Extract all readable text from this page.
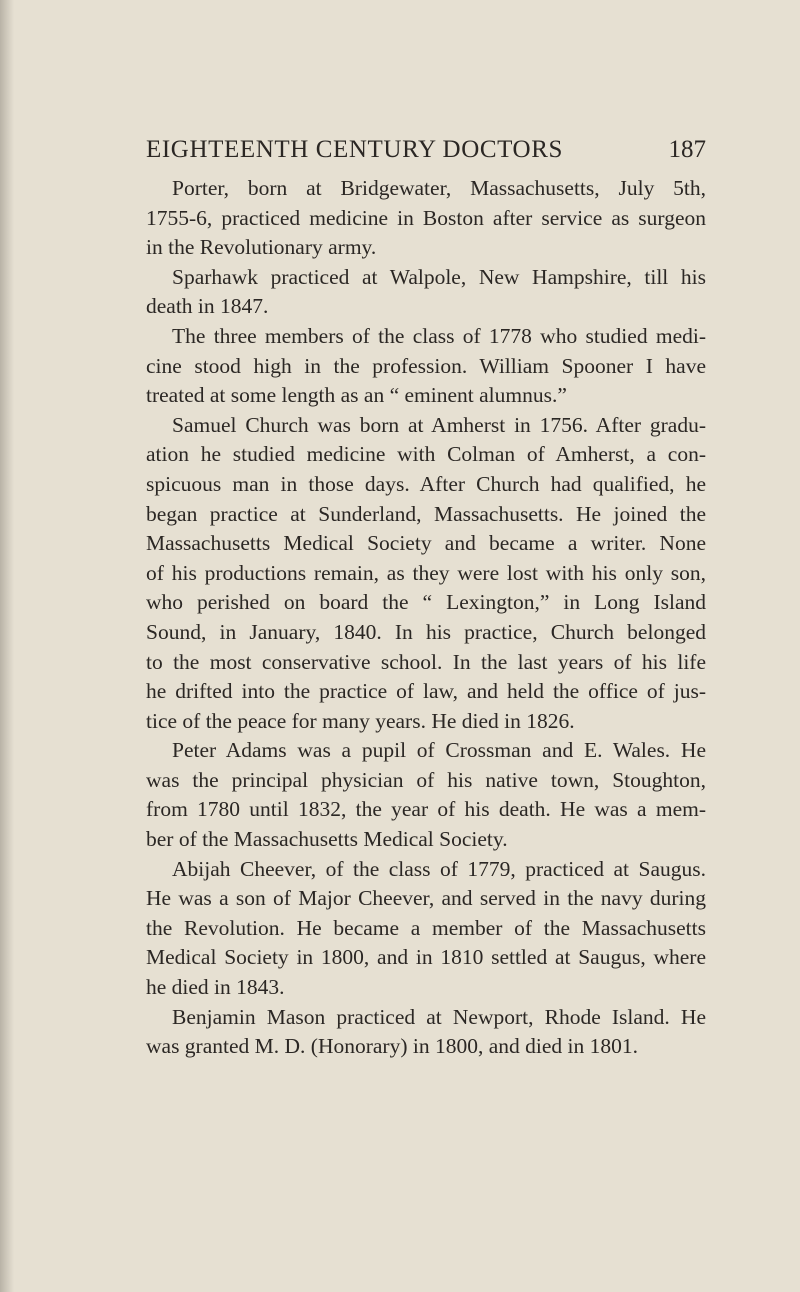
EIGHTEENTH CENTURY DOCTORS	187
Porter, born at Bridgewater, Massachusetts, July 5th,
1755-6, practiced medicine in Boston after service as surgeon
in the Revolutionary army.
Sparhawk practiced at Walpole, New Hampshire, till his
death in 1847.
The three members of the class of 1778 who studied medi-
cine stood high in the profession. William Spooner I have
treated at some length as an “ eminent alumnus.”
Samuel Church was born at Amherst in 1756. After gradu-
ation he studied medicine with Colman of Amherst, a con-
spicuous man in those days. After Church had qualified, he
began practice at Sunderland, Massachusetts. He joined the
Massachusetts Medical Society and became a writer. None
of his productions remain, as they were lost with his only son,
who perished on board the “ Lexington,” in Long Island
Sound, in January, 1840. In his practice, Church belonged
to the most conservative school. In the last years of his life
he drifted into the practice of law, and held the office of jus-
tice of the peace for many years. He died in 1826.
Peter Adams was a pupil of Crossman and E. Wales. He
was the principal physician of his native town, Stoughton,
from 1780 until 1832, the year of his death. He was a mem-
ber of the Massachusetts Medical Society.
Abijah Cheever, of the class of 1779, practiced at Saugus.
He was a son of Major Cheever, and served in the navy during
the Revolution. He became a member of the Massachusetts
Medical Society in 1800, and in 1810 settled at Saugus, where
he died in 1843.
Benjamin Mason practiced at Newport, Rhode Island. He
was granted M. D. (Honorary) in 1800, and died in 1801.
